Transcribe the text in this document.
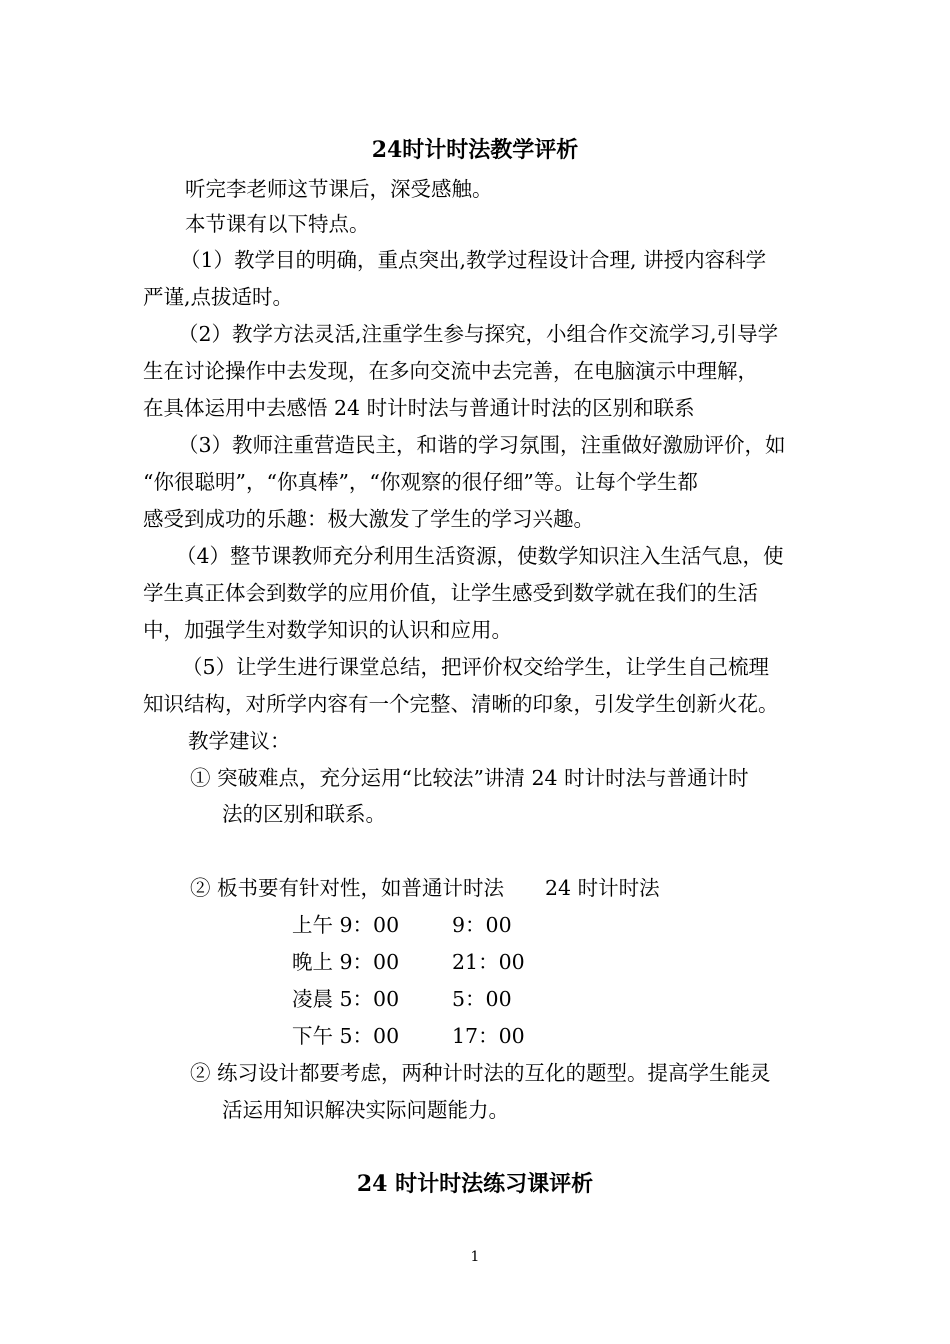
24时计时法教学评析
听完李老师这节课后，深受感触。
本节课有以下特点。
（1）教学目的明确，重点突出,教学过程设计合理, 讲授内容科学
严谨,点拔适时。
（2）教学方法灵活,注重学生参与探究，小组合作交流学习,引导学
生在讨论操作中去发现，在多向交流中去完善，在电脑演示中理解，
在具体运用中去感悟 24 时计时法与普通计时法的区别和联系
（3）教师注重营造民主，和谐的学习氛围，注重做好激励评价，如
“你很聪明”，“你真棒”，“你观察的很仔细”等。让每个学生都
感受到成功的乐趣：极大激发了学生的学习兴趣。
（4）整节课教师充分利用生活资源，使数学知识注入生活气息，使
学生真正体会到数学的应用价值，让学生感受到数学就在我们的生活
中，加强学生对数学知识的认识和应用。
（5）让学生进行课堂总结，把评价权交给学生，让学生自己梳理
知识结构，对所学内容有一个完整、清晰的印象，引发学生创新火花。
教学建议：
① 突破难点，充分运用“比较法”讲清 24 时计时法与普通计时
法的区别和联系。
② 板书要有针对性，如普通计时法　　24 时计时法
上午 9：00	9：00
晚上 9：00	21：00
凌晨 5：00	5：00
下午 5：00	17：00
② 练习设计都要考虑，两种计时法的互化的题型。提高学生能灵
活运用知识解决实际问题能力。
24 时计时法练习课评析
1
